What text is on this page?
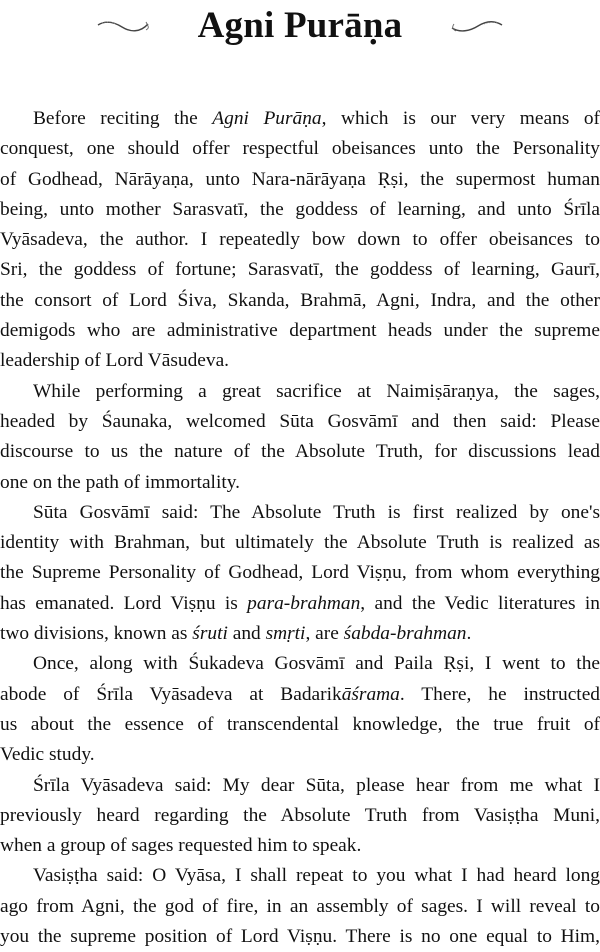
Agni Purāṇa
Before reciting the Agni Purāṇa, which is our very means of
conquest, one should offer respectful obeisances unto the Personality
of Godhead, Nārāyaṇa, unto Nara-nārāyaṇa Ṛṣi, the supermost human
being, unto mother Sarasvatī, the goddess of learning, and unto Śrīla
Vyāsadeva, the author. I repeatedly bow down to offer obeisances to
Sri, the goddess of fortune; Sarasvatī, the goddess of learning, Gaurī,
the consort of Lord Śiva, Skanda, Brahmā, Agni, Indra, and the other
demigods who are administrative department heads under the supreme
leadership of Lord Vāsudeva.
While performing a great sacrifice at Naimiṣāraṇya, the sages,
headed by Śaunaka, welcomed Sūta Gosvāmī and then said: Please
discourse to us the nature of the Absolute Truth, for discussions lead
one on the path of immortality.
Sūta Gosvāmī said: The Absolute Truth is first realized by one's
identity with Brahman, but ultimately the Absolute Truth is realized as
the Supreme Personality of Godhead, Lord Viṣṇu, from whom everything
has emanated. Lord Viṣṇu is para-brahman, and the Vedic literatures in
two divisions, known as śruti and smṛti, are śabda-brahman.
Once, along with Śukadeva Gosvāmī and Paila Ṛṣi, I went to the
abode of Śrīla Vyāsadeva at Badarikāśrama. There, he instructed
us about the essence of transcendental knowledge, the true fruit of
Vedic study.
Śrīla Vyāsadeva said: My dear Sūta, please hear from me what I
previously heard regarding the Absolute Truth from Vasiṣṭha Muni,
when a group of sages requested him to speak.
Vasiṣṭha said: O Vyāsa, I shall repeat to you what I had heard long
ago from Agni, the god of fire, in an assembly of sages. I will reveal to
you the supreme position of Lord Viṣṇu. There is no one equal to Him,
